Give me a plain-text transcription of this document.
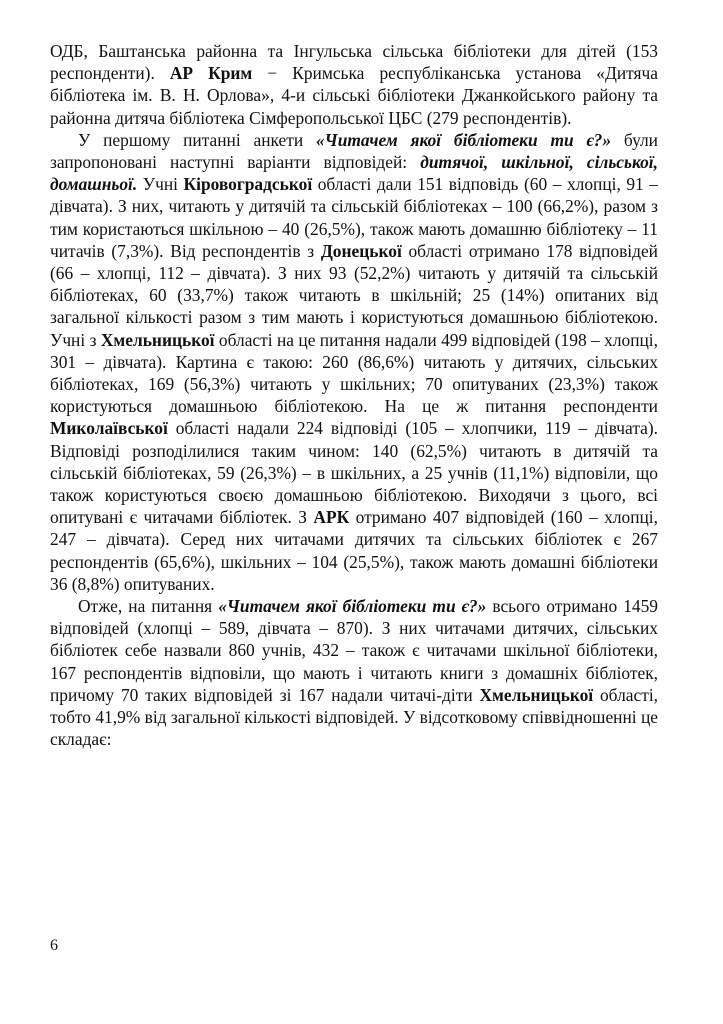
ОДБ, Баштанська районна та Інгульська сільська бібліотеки для дітей (153 респонденти). АР Крим − Кримська республіканська установа «Дитяча бібліотека ім. В. Н. Орлова», 4-и сільські бібліотеки Джанкойського району та районна дитяча бібліотека Сімферопольської ЦБС (279 респондентів).

У першому питанні анкети «Читачем якої бібліотеки ти є?» були запропоновані наступні варіанти відповідей: дитячої, шкільної, сільської, домашньої. Учні Кіровоградської області дали 151 відповідь (60 – хлопці, 91 – дівчата). З них, читають у дитячій та сільській бібліотеках – 100 (66,2%), разом з тим користаються шкільною – 40 (26,5%), також мають домашню бібліотеку – 11 читачів (7,3%). Від респондентів з Донецької області отримано 178 відповідей (66 – хлопці, 112 – дівчата). З них 93 (52,2%) читають у дитячій та сільській бібліотеках, 60 (33,7%) також читають в шкільній; 25 (14%) опитаних від загальної кількості разом з тим мають і користуються домашньою бібліотекою. Учні з Хмельницької області на це питання надали 499 відповідей (198 – хлопці, 301 – дівчата). Картина є такою: 260 (86,6%) читають у дитячих, сільських бібліотеках, 169 (56,3%) читають у шкільних; 70 опитуваних (23,3%) також користуються домашньою бібліотекою. На це ж питання респонденти Миколаївської області надали 224 відповіді (105 – хлопчики, 119 – дівчата). Відповіді розподілилися таким чином: 140 (62,5%) читають в дитячій та сільській бібліотеках, 59 (26,3%) – в шкільних, а 25 учнів (11,1%) відповіли, що також користуються своєю домашньою бібліотекою. Виходячи з цього, всі опитувані є читачами бібліотек. З АРК отримано 407 відповідей (160 – хлопці, 247 – дівчата). Серед них читачами дитячих та сільських бібліотек є 267 респондентів (65,6%), шкільних – 104 (25,5%), також мають домашні бібліотеки 36 (8,8%) опитуваних.

Отже, на питання «Читачем якої бібліотеки ти є?» всього отримано 1459 відповідей (хлопці – 589, дівчата – 870). З них читачами дитячих, сільських бібліотек себе назвали 860 учнів, 432 – також є читачами шкільної бібліотеки, 167 респондентів відповіли, що мають і читають книги з домашніх бібліотек, причому 70 таких відповідей зі 167 надали читачі-діти Хмельницької області, тобто 41,9% від загальної кількості відповідей. У відсотковому співвідношенні це складає:

6
